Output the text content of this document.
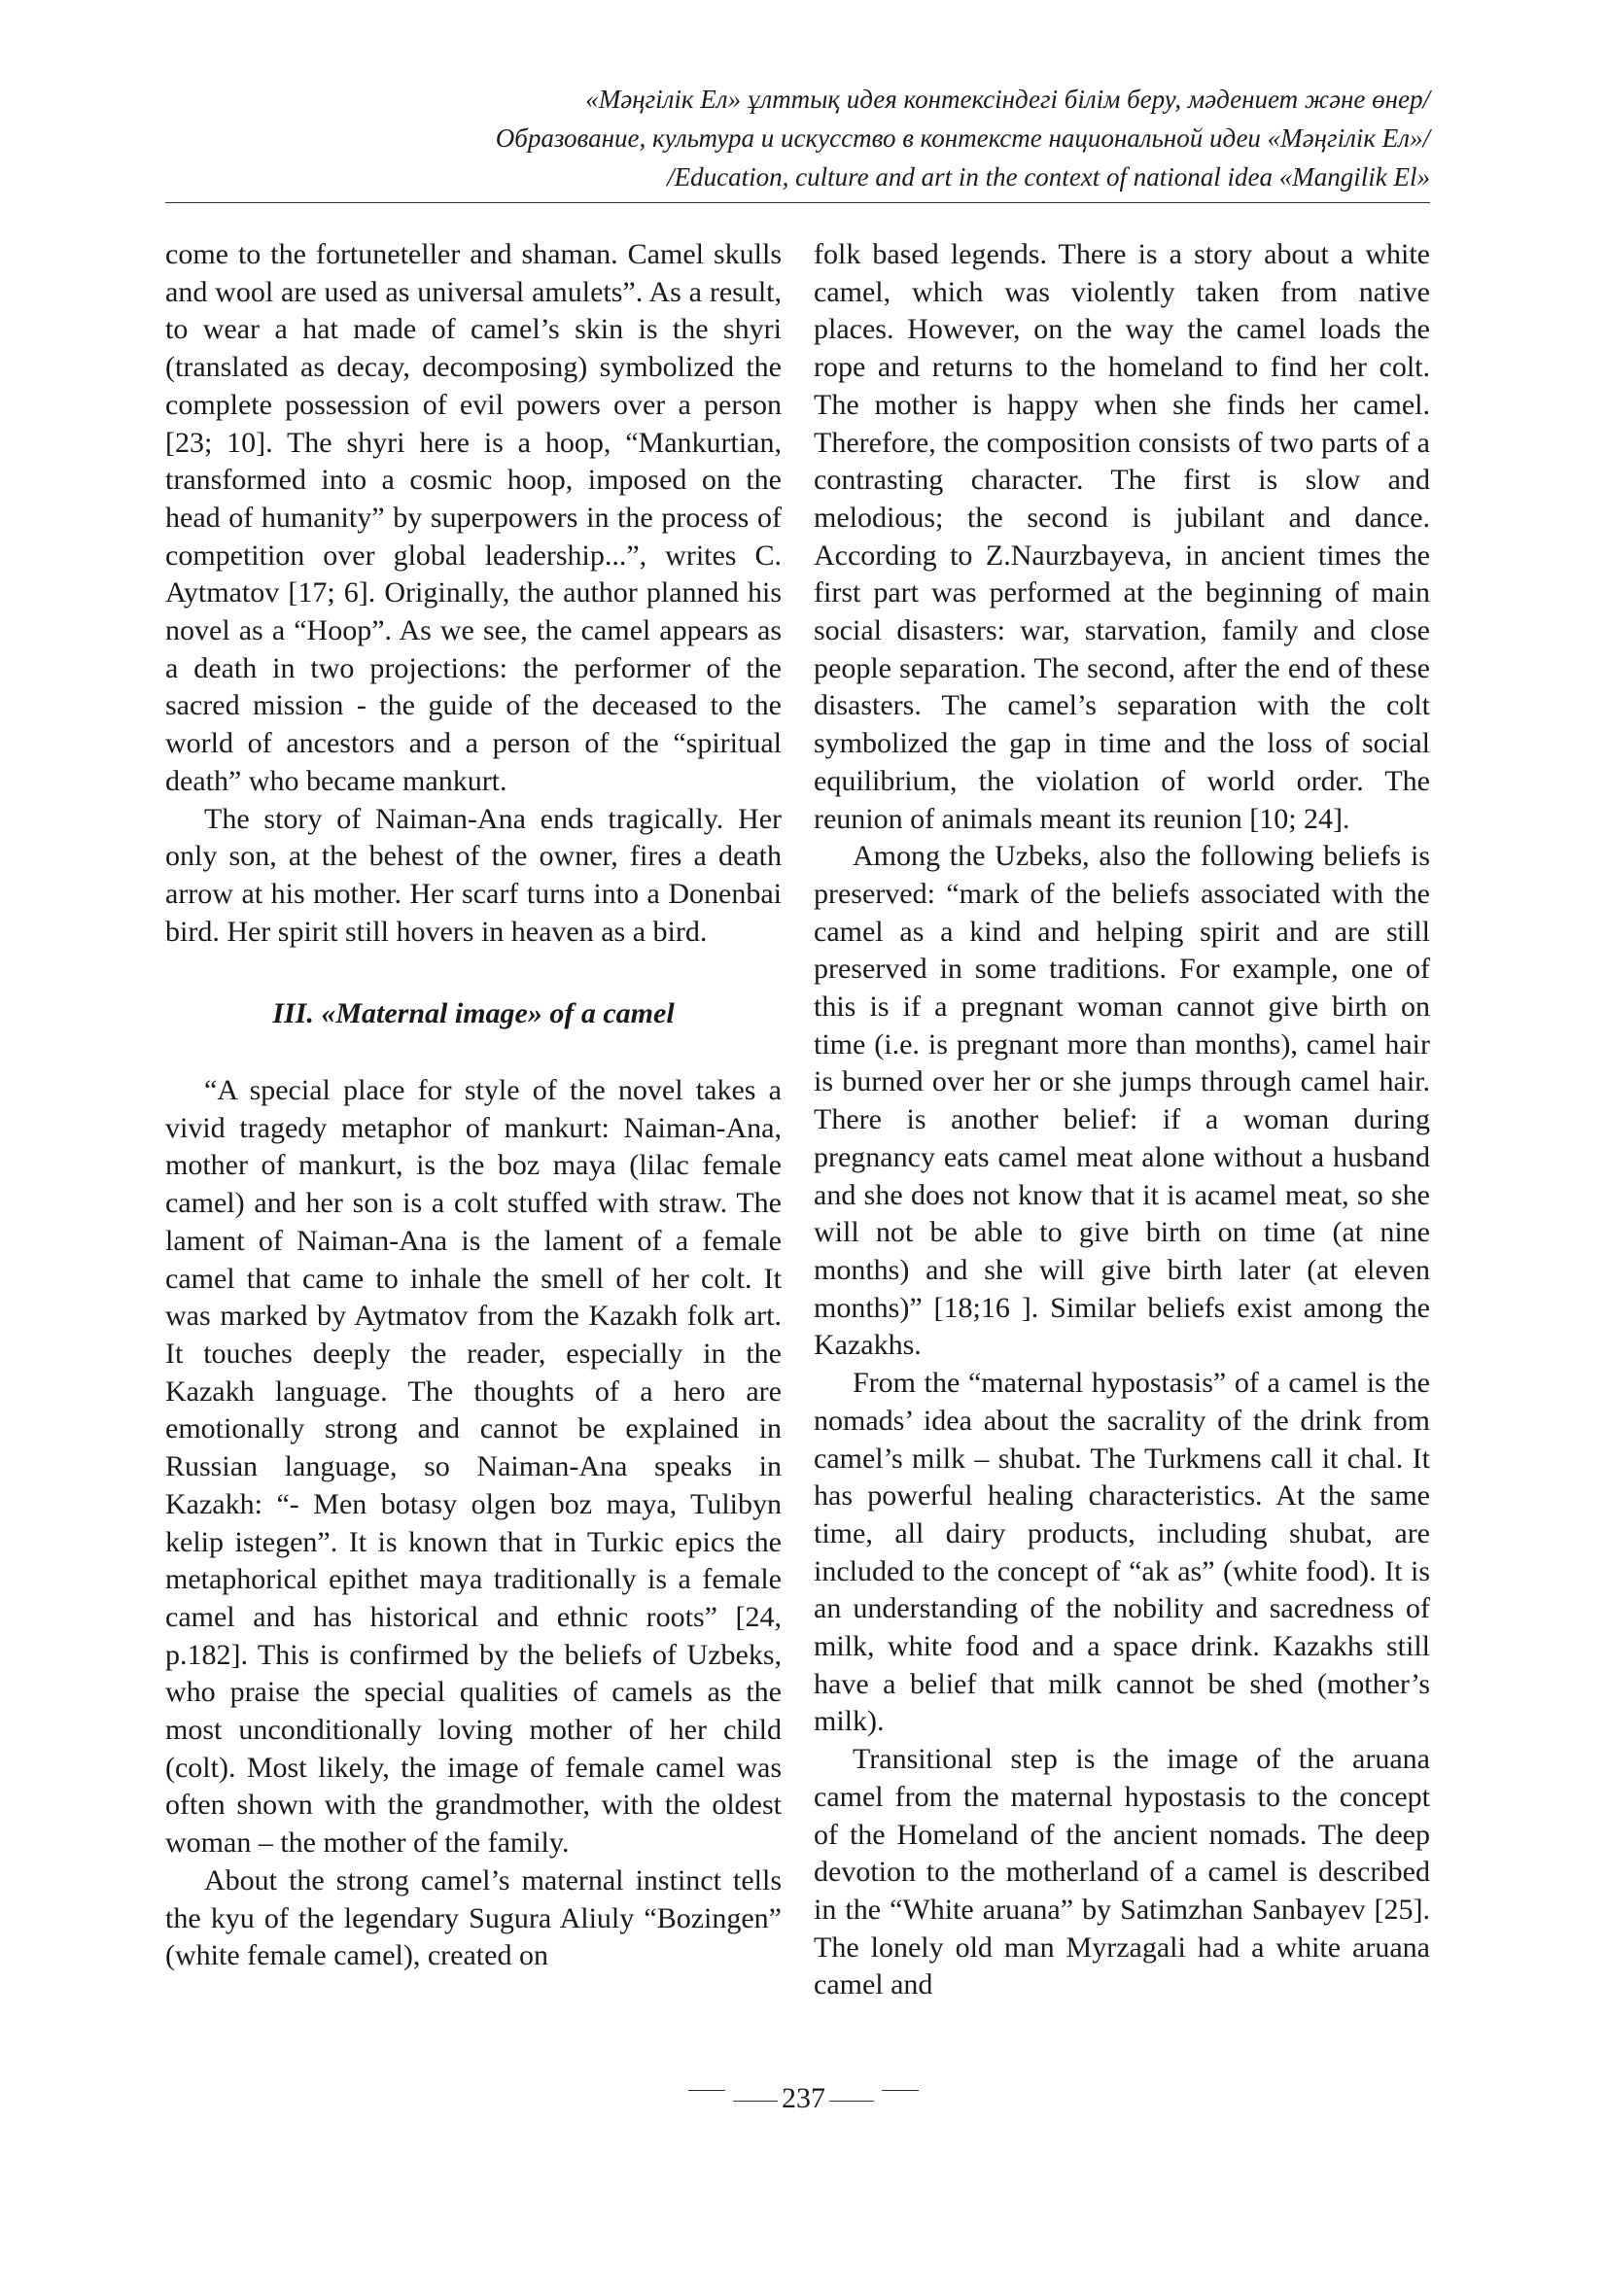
«Мәңгілік Ел» ұлттық идея контексіндегі білім беру, мәдениет және өнер/
Образование, культура и искусство в контексте национальной идеи «Мәңгілік Ел»/
/Education, culture and art in the context of national idea «Mangilik El»

come to the fortuneteller and shaman. Camel skulls and wool are used as universal amulets”. As a result, to wear a hat made of camel’s skin is the shyri (translated as decay, decomposing) symbolized the complete possession of evil powers over a person [23; 10]. The shyri here is a hoop, “Mankurtian, transformed into a cosmic hoop, imposed on the head of humanity” by superpowers in the process of competition over global leadership...”, writes C. Aytmatov [17; 6]. Originally, the author planned his novel as a “Hoop”. As we see, the camel appears as a death in two projections: the performer of the sacred mission - the guide of the deceased to the world of ancestors and a person of the “spiritual death” who became mankurt.

The story of Naiman-Ana ends tragically. Her only son, at the behest of the owner, fires a death arrow at his mother. Her scarf turns into a Donenbai bird. Her spirit still hovers in heaven as a bird.

III. «Maternal image» of a camel

“A special place for style of the novel takes a vivid tragedy metaphor of mankurt: Naiman-Ana, mother of mankurt, is the boz maya (lilac female camel) and her son is a colt stuffed with straw. The lament of Naiman-Ana is the lament of a female camel that came to inhale the smell of her colt. It was marked by Aytmatov from the Kazakh folk art. It touches deeply the reader, especially in the Kazakh language. The thoughts of a hero are emotionally strong and cannot be explained in Russian language, so Naiman-Ana speaks in Kazakh: “- Men botasy olgen boz maya, Tulibyn kelip istegen”. It is known that in Turkic epics the metaphorical epithet maya traditionally is a female camel and has historical and ethnic roots” [24, p.182]. This is confirmed by the beliefs of Uzbeks, who praise the special qualities of camels as the most unconditionally loving mother of her child (colt). Most likely, the image of female camel was often shown with the grandmother, with the oldest woman – the mother of the family.

About the strong camel’s maternal instinct tells the kyu of the legendary Sugura Aliuly “Bozingen” (white female camel), created on

folk based legends. There is a story about a white camel, which was violently taken from native places. However, on the way the camel loads the rope and returns to the homeland to find her colt. The mother is happy when she finds her camel. Therefore, the composition consists of two parts of a contrasting character. The first is slow and melodious; the second is jubilant and dance. According to Z.Naurzbayeva, in ancient times the first part was performed at the beginning of main social disasters: war, starvation, family and close people separation. The second, after the end of these disasters. The camel’s separation with the colt symbolized the gap in time and the loss of social equilibrium, the violation of world order. The reunion of animals meant its reunion [10; 24].

Among the Uzbeks, also the following beliefs is preserved: “mark of the beliefs associated with the camel as a kind and helping spirit and are still preserved in some traditions. For example, one of this is if a pregnant woman cannot give birth on time (i.e. is pregnant more than months), camel hair is burned over her or she jumps through camel hair. There is another belief: if a woman during pregnancy eats camel meat alone without a husband and she does not know that it is acamel meat, so she will not be able to give birth on time (at nine months) and she will give birth later (at eleven months)” [18;16 ]. Similar beliefs exist among the Kazakhs.

From the “maternal hypostasis” of a camel is the nomads’ idea about the sacrality of the drink from camel’s milk – shubat. The Turkmens call it chal. It has powerful healing characteristics. At the same time, all dairy products, including shubat, are included to the concept of “ak as” (white food). It is an understanding of the nobility and sacredness of milk, white food and a space drink. Kazakhs still have a belief that milk cannot be shed (mother’s milk).

Transitional step is the image of the aruana camel from the maternal hypostasis to the concept of the Homeland of the ancient nomads. The deep devotion to the motherland of a camel is described in the “White aruana” by Satimzhan Sanbayev [25]. The lonely old man Myrzagali had a white aruana camel and

237
